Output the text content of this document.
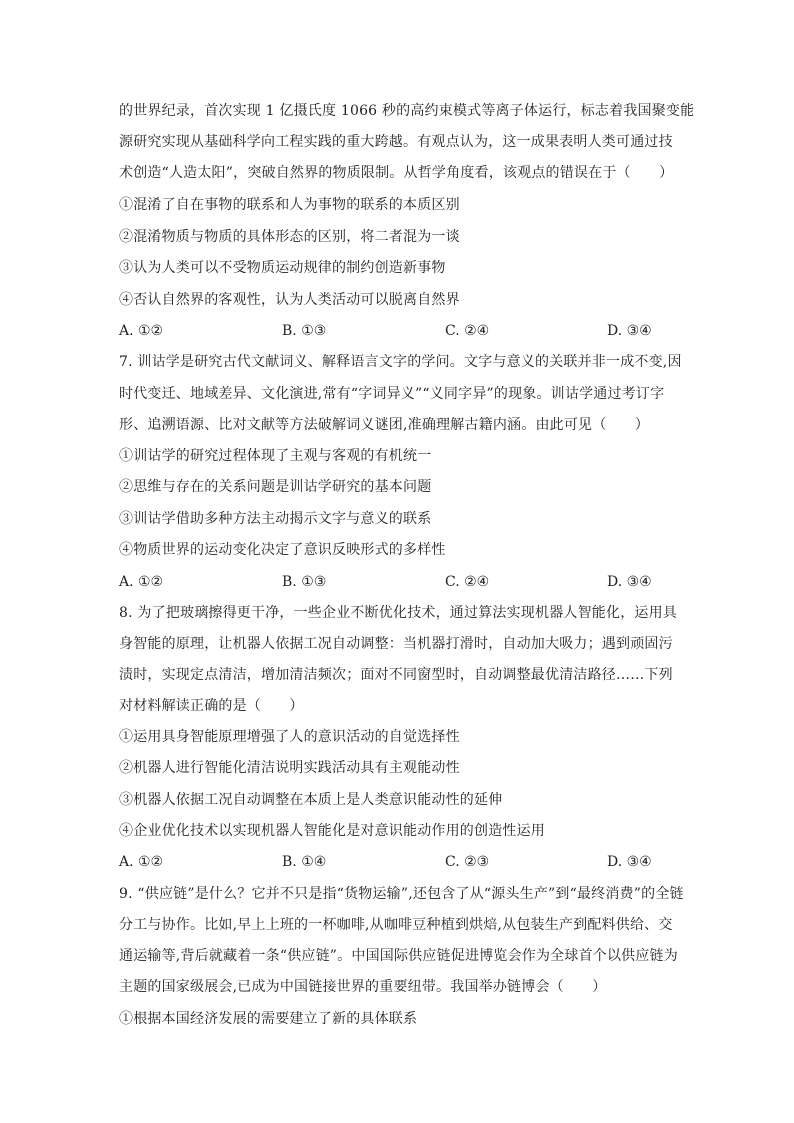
的世界纪录，首次实现 1 亿摄氏度 1066 秒的高约束模式等离子体运行，标志着我国聚变能
源研究实现从基础科学向工程实践的重大跨越。有观点认为，这一成果表明人类可通过技
术创造“人造太阳”，突破自然界的物质限制。从哲学角度看，该观点的错误在于（　　）
①混淆了自在事物的联系和人为事物的联系的本质区别
②混淆物质与物质的具体形态的区别，将二者混为一谈
③认为人类可以不受物质运动规律的制约创造新事物
④否认自然界的客观性，认为人类活动可以脱离自然界
A. ①②	B. ①③	C. ②④	D. ③④
7. 训诂学是研究古代文献词义、解释语言文字的学问。文字与意义的关联并非一成不变,因
时代变迁、地域差异、文化演进,常有“字词异义”“义同字异”的现象。训诂学通过考订字
形、追溯语源、比对文献等方法破解词义谜团,准确理解古籍内涵。由此可见（　　）
①训诂学的研究过程体现了主观与客观的有机统一
②思维与存在的关系问题是训诂学研究的基本问题
③训诂学借助多种方法主动揭示文字与意义的联系
④物质世界的运动变化决定了意识反映形式的多样性
A. ①②	B. ①③	C. ②④	D. ③④
8. 为了把玻璃擦得更干净，一些企业不断优化技术，通过算法实现机器人智能化，运用具
身智能的原理，让机器人依据工况自动调整：当机器打滑时，自动加大吸力；遇到顽固污
渍时，实现定点清洁，增加清洁频次；面对不同窗型时，自动调整最优清洁路径……下列
对材料解读正确的是（　　）
①运用具身智能原理增强了人的意识活动的自觉选择性
②机器人进行智能化清洁说明实践活动具有主观能动性
③机器人依据工况自动调整在本质上是人类意识能动性的延伸
④企业优化技术以实现机器人智能化是对意识能动作用的创造性运用
A. ①②	B. ①④	C. ②③	D. ③④
9. “供应链”是什么？它并不只是指“货物运输”,还包含了从“源头生产”到“最终消费”的全链
分工与协作。比如,早上上班的一杯咖啡,从咖啡豆种植到烘焙,从包装生产到配料供给、交
通运输等,背后就藏着一条“供应链”。中国国际供应链促进博览会作为全球首个以供应链为
主题的国家级展会,已成为中国链接世界的重要纽带。我国举办链博会（　　）
①根据本国经济发展的需要建立了新的具体联系
